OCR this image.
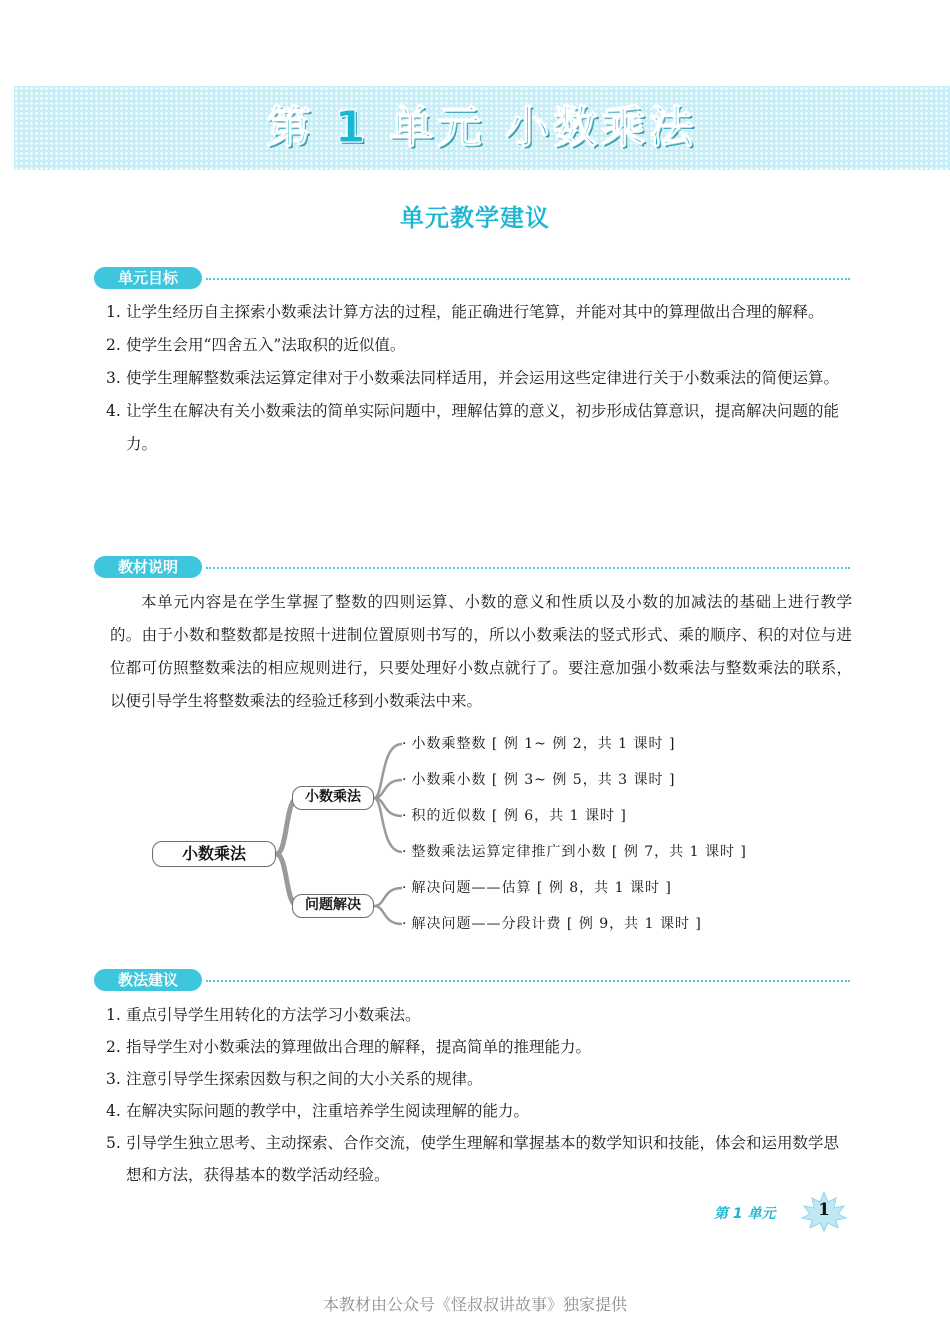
第 1 单元 小数乘法
单元教学建议
单元目标
1. 让学生经历自主探索小数乘法计算方法的过程，能正确进行笔算，并能对其中的算理做出合理的解释。
2. 使学生会用“四舍五入”法取积的近似值。
3. 使学生理解整数乘法运算定律对于小数乘法同样适用，并会运用这些定律进行关于小数乘法的简便运算。
4. 让学生在解决有关小数乘法的简单实际问题中，理解估算的意义，初步形成估算意识，提高解决问题的能力。
教材说明
本单元内容是在学生掌握了整数的四则运算、小数的意义和性质以及小数的加减法的基础上进行教学的。由于小数和整数都是按照十进制位置原则书写的，所以小数乘法的竖式形式、乘的顺序、积的对位与进位都可仿照整数乘法的相应规则进行，只要处理好小数点就行了。要注意加强小数乘法与整数乘法的联系，以便引导学生将整数乘法的经验迁移到小数乘法中来。
小数乘法
小数乘法
问题解决
· 小数乘整数 [ 例 1~ 例 2，共 1 课时 ]
· 小数乘小数 [ 例 3~ 例 5，共 3 课时 ]
· 积的近似数 [ 例 6，共 1 课时 ]
· 整数乘法运算定律推广到小数 [ 例 7，共 1 课时 ]
· 解决问题——估算 [ 例 8，共 1 课时 ]
· 解决问题——分段计费 [ 例 9，共 1 课时 ]
教法建议
1. 重点引导学生用转化的方法学习小数乘法。
2. 指导学生对小数乘法的算理做出合理的解释，提高简单的推理能力。
3. 注意引导学生探索因数与积之间的大小关系的规律。
4. 在解决实际问题的教学中，注重培养学生阅读理解的能力。
5. 引导学生独立思考、主动探索、合作交流，使学生理解和掌握基本的数学知识和技能，体会和运用数学思想和方法，获得基本的数学活动经验。
第 1 单元	1
本教材由公众号《怪叔叔讲故事》独家提供
